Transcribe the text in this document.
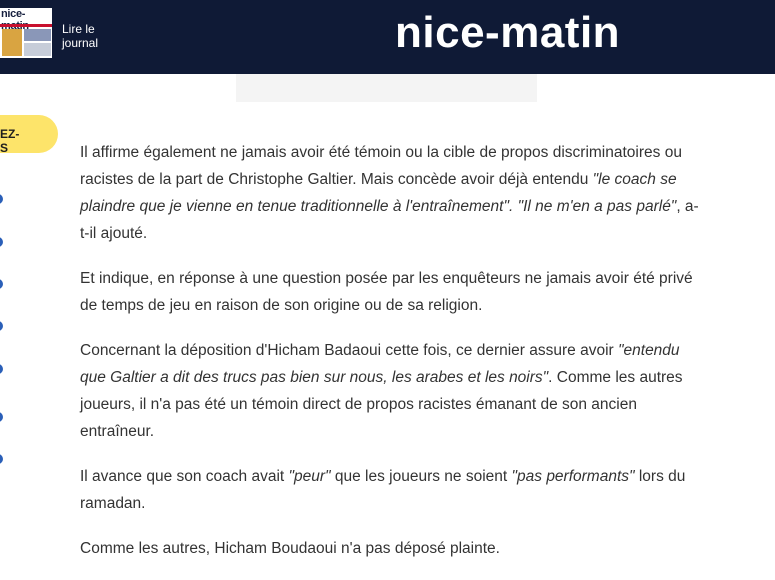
nice-
Lire le journal	nice-matin
EZ-
S	Il affirme également ne jamais avoir été témoin ou la cible de propos discriminatoires ou racistes de la part de Christophe Galtier. Mais concède avoir déjà entendu "le coach se plaindre que je vienne en tenue traditionnelle à l'entraînement". "Il ne m'en a pas parlé", a-t-il ajouté.

Et indique, en réponse à une question posée par les enquêteurs ne jamais avoir été privé de temps de jeu en raison de son origine ou de sa religion.

Concernant la déposition d'Hicham Badaoui cette fois, ce dernier assure avoir "entendu que Galtier a dit des trucs pas bien sur nous, les arabes et les noirs". Comme les autres joueurs, il n'a pas été un témoin direct de propos racistes émanant de son ancien entraîneur.

Il avance que son coach avait "peur" que les joueurs ne soient "pas performants" lors du ramadan.

Comme les autres, Hicham Boudaoui n'a pas déposé plainte.
